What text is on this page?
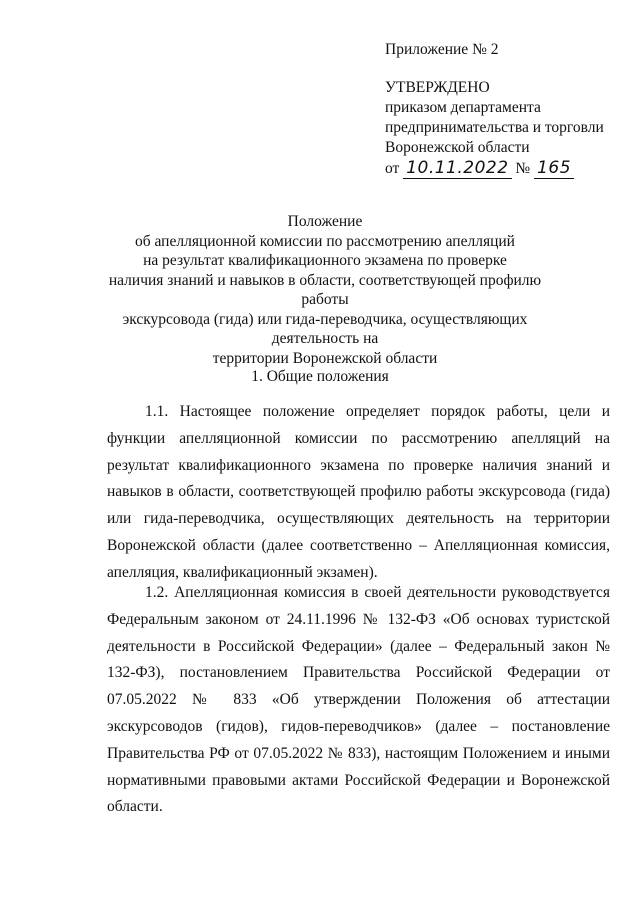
Приложение № 2
УТВЕРЖДЕНО
приказом департамента
предпринимательства и торговли
Воронежской области
от 10.11.2022 № 165
Положение
об апелляционной комиссии по рассмотрению апелляций
на результат квалификационного экзамена по проверке
наличия знаний и навыков в области, соответствующей профилю работы
экскурсовода (гида) или гида-переводчика, осуществляющих деятельность на
территории Воронежской области
1. Общие положения

1.1. Настоящее положение определяет порядок работы, цели и функции апелляционной комиссии по рассмотрению апелляций на результат квалификационного экзамена по проверке наличия знаний и навыков в области, соответствующей профилю работы экскурсовода (гида) или гида-переводчика, осуществляющих деятельность на территории Воронежской области (далее соответственно – Апелляционная комиссия, апелляция, квалификационный экзамен).

1.2. Апелляционная комиссия в своей деятельности руководствуется Федеральным законом от 24.11.1996 № 132-ФЗ «Об основах туристской деятельности в Российской Федерации» (далее – Федеральный закон № 132-ФЗ), постановлением Правительства Российской Федерации от 07.05.2022 № 833 «Об утверждении Положения об аттестации экскурсоводов (гидов), гидов-переводчиков» (далее – постановление Правительства РФ от 07.05.2022 № 833), настоящим Положением и иными нормативными правовыми актами Российской Федерации и Воронежской области.
